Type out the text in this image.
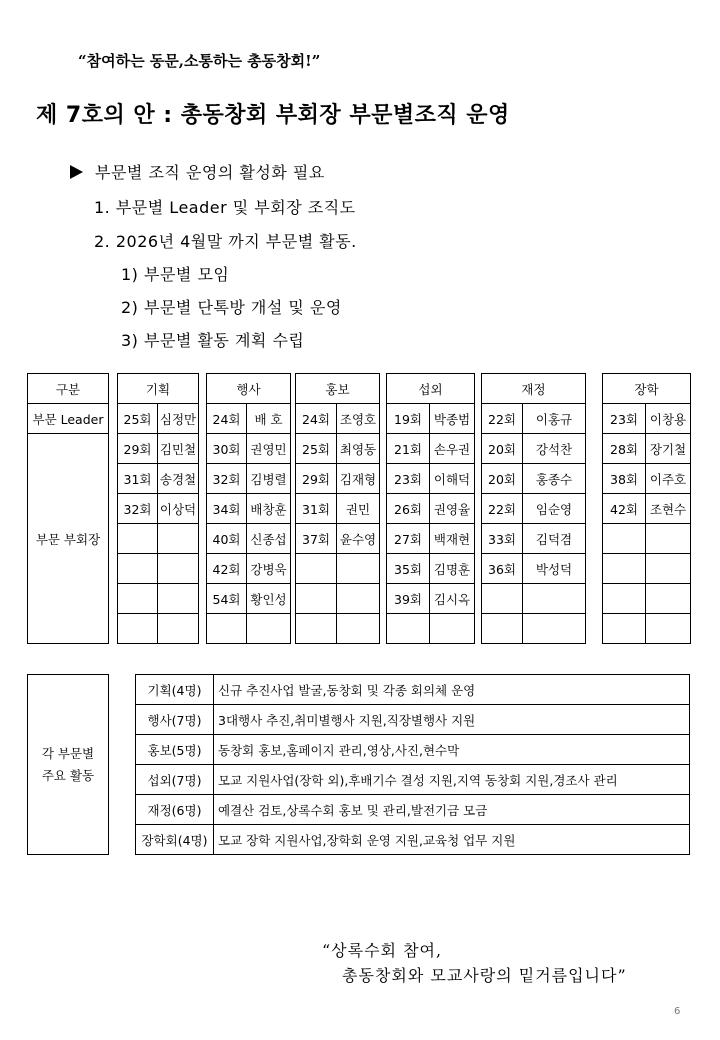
“참여하는 동문,소통하는 총동창회!”
제 7호의 안 : 총동창회 부회장 부문별조직 운영
부문별 조직 운영의 활성화 필요
1. 부문별 Leader 및 부회장 조직도
2. 2026년 4월말 까지 부문별 활동.
1) 부문별 모임
2) 부문별 단톡방 개설 및 운영
3) 부문별 활동 계획 수립
구분		기획			행사			홍보			섭외			재정			장학	
부문 Leader		25회	심정만		24회	배 호		24회	조영호		19회	박종범		22회	이홍규		23회	이창용
부문 부회장		29회	김민철		30회	권영민		25회	최영동		21회	손우권		20회	강석찬		28회	장기철
		31회	송경철		32회	김병렬		29회	김재형		23회	이해덕		20회	홍종수		38회	이주호
		32회	이상덕		34회	배창훈		31회	권민		26회	권영율		22회	임순영		42회	조현수
					40회	신종섭		37회	윤수영		27회	백재현		33회	김덕겸			
					42회	강병욱					35회	김명훈		36회	박성덕			
					54회	황인성					39회	김시옥						

각 부문별
주요 활동		기획(4명)	신규 추진사업 발굴,동창회 및 각종 회의체 운영
		행사(7명)	3대행사 추진,취미별행사 지원,직장별행사 지원
		홍보(5명)	동창회 홍보,홈페이지 관리,영상,사진,현수막
		섭외(7명)	모교 지원사업(장학 외),후배기수 결성 지원,지역 동창회 지원,경조사 관리
		재정(6명)	예결산 검토,상록수회 홍보 및 관리,발전기금 모금
		장학회(4명)	모교 장학 지원사업,장학회 운영 지원,교육청 업무 지원
“상록수회 참여,
총동창회와 모교사랑의 밑거름입니다”
6
